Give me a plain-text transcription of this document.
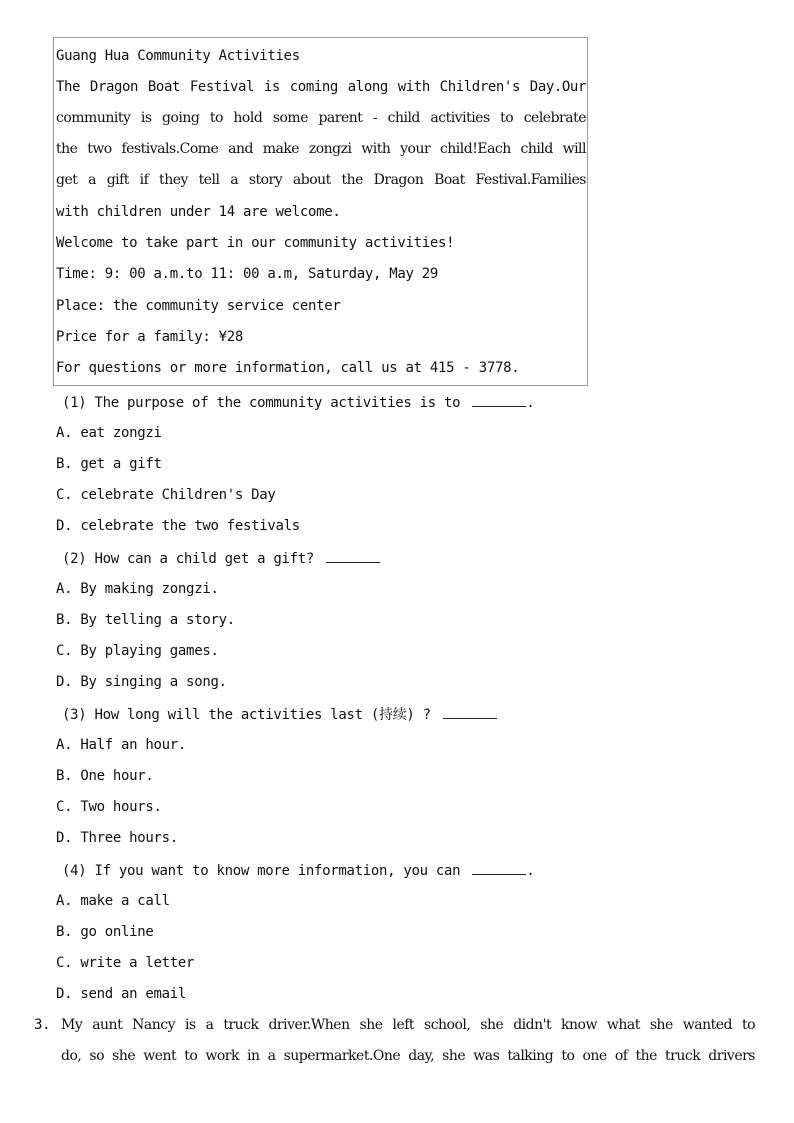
Guang Hua Community Activities

The Dragon Boat Festival is coming along with Children's Day.Our

community is going to hold some parent - child activities to celebrate

the two festivals.Come and make zongzi with your child!Each child will

get a gift if they tell a story about the Dragon Boat Festival.Families

with children under 14 are welcome.

Welcome to take part in our community activities!

Time: 9: 00 a.m.to 11: 00 a.m, Saturday, May 29

Place: the community service center

Price for a family: ¥28

For questions or more information, call us at 415 - 3778.

(1) The purpose of the community activities is to	.

A. eat zongzi

B. get a gift

C. celebrate Children's Day

D. celebrate the two festivals

(2) How can a child get a gift?

A. By making zongzi.

B. By telling a story.

C. By playing games.

D. By singing a song.

(3) How long will the activities last (持续) ?

A. Half an hour.

B. One hour.

C. Two hours.

D. Three hours.

(4) If you want to know more information, you can	.

A. make a call

B. go online

C. write a letter

D. send an email

3. My aunt Nancy is a truck driver.When she left school, she didn't know what she wanted to

do, so she went to work in a supermarket.One day, she was talking to one of the truck drivers
